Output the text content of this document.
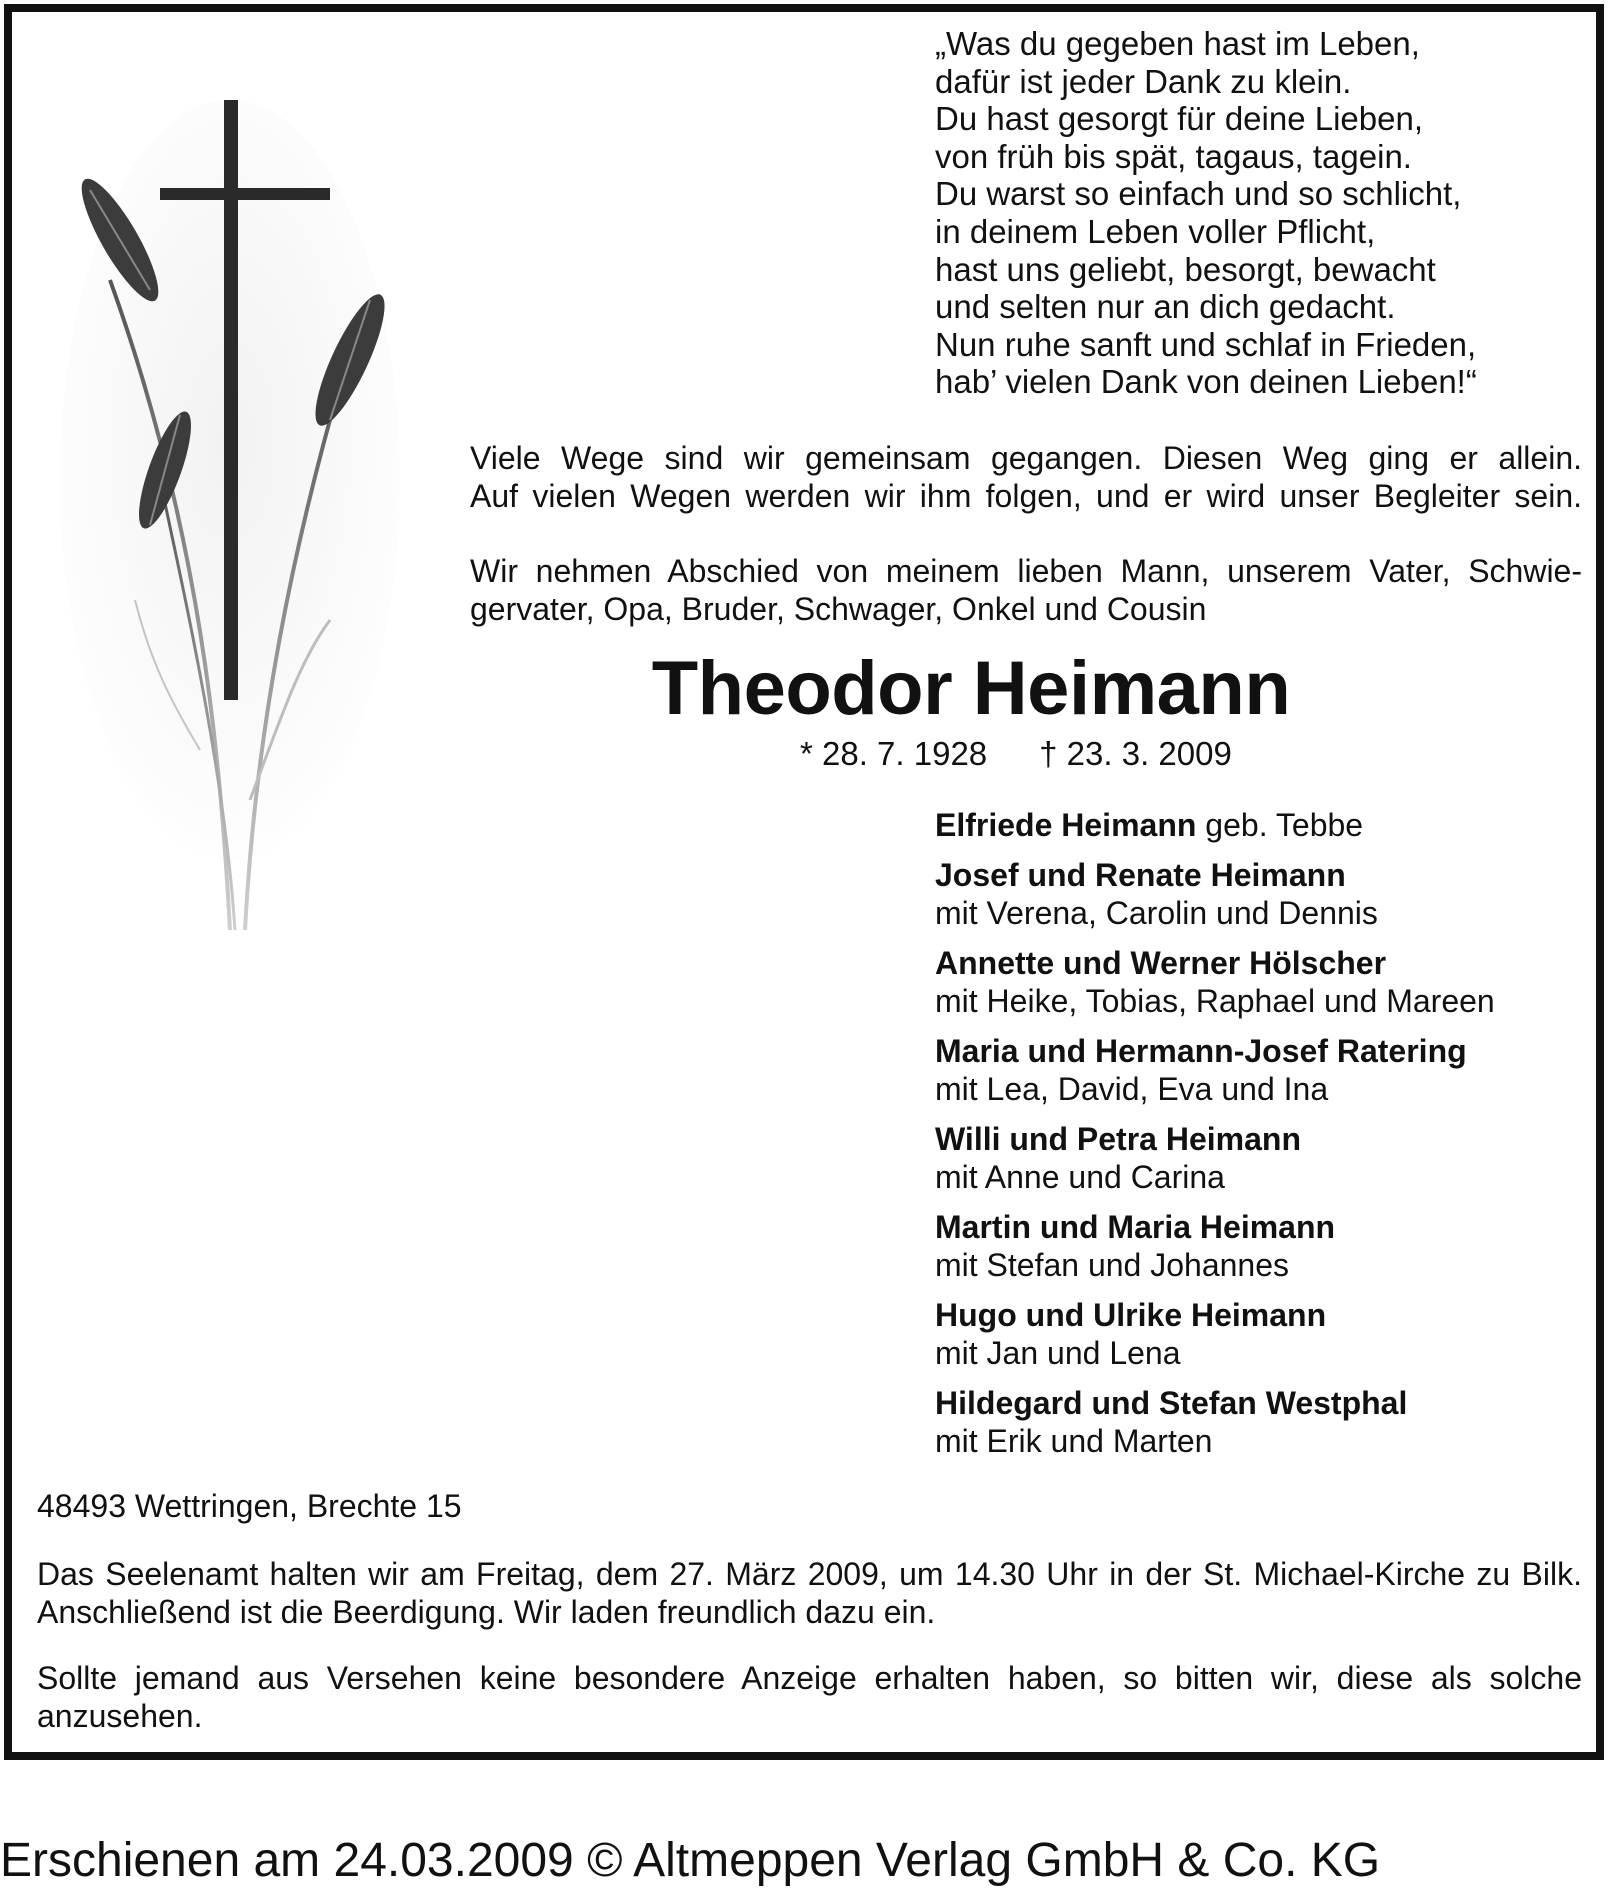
„Was du gegeben hast im Leben,
dafür ist jeder Dank zu klein.
Du hast gesorgt für deine Lieben,
von früh bis spät, tagaus, tagein.
Du warst so einfach und so schlicht,
in deinem Leben voller Pflicht,
hast uns geliebt, besorgt, bewacht
und selten nur an dich gedacht.
Nun ruhe sanft und schlaf in Frieden,
hab’ vielen Dank von deinen Lieben!“
Viele Wege sind wir gemeinsam gegangen. Diesen Weg ging er allein.
Auf vielen Wegen werden wir ihm folgen, und er wird unser Begleiter sein.
Wir nehmen Abschied von meinem lieben Mann, unserem Vater, Schwiegervater, Opa, Bruder, Schwager, Onkel und Cousin
Theodor Heimann
* 28. 7. 1928 † 23. 3. 2009
Elfriede Heimann geb. Tebbe
Josef und Renate Heimann
mit Verena, Carolin und Dennis
Annette und Werner Hölscher
mit Heike, Tobias, Raphael und Mareen
Maria und Hermann-Josef Ratering
mit Lea, David, Eva und Ina
Willi und Petra Heimann
mit Anne und Carina
Martin und Maria Heimann
mit Stefan und Johannes
Hugo und Ulrike Heimann
mit Jan und Lena
Hildegard und Stefan Westphal
mit Erik und Marten
48493 Wettringen, Brechte 15
Das Seelenamt halten wir am Freitag, dem 27. März 2009, um 14.30 Uhr in der St. Michael-Kirche zu Bilk. Anschließend ist die Beerdigung. Wir laden freundlich dazu ein.
Sollte jemand aus Versehen keine besondere Anzeige erhalten haben, so bitten wir, diese als solche anzusehen.
Erschienen am 24.03.2009 © Altmeppen Verlag GmbH & Co. KG
